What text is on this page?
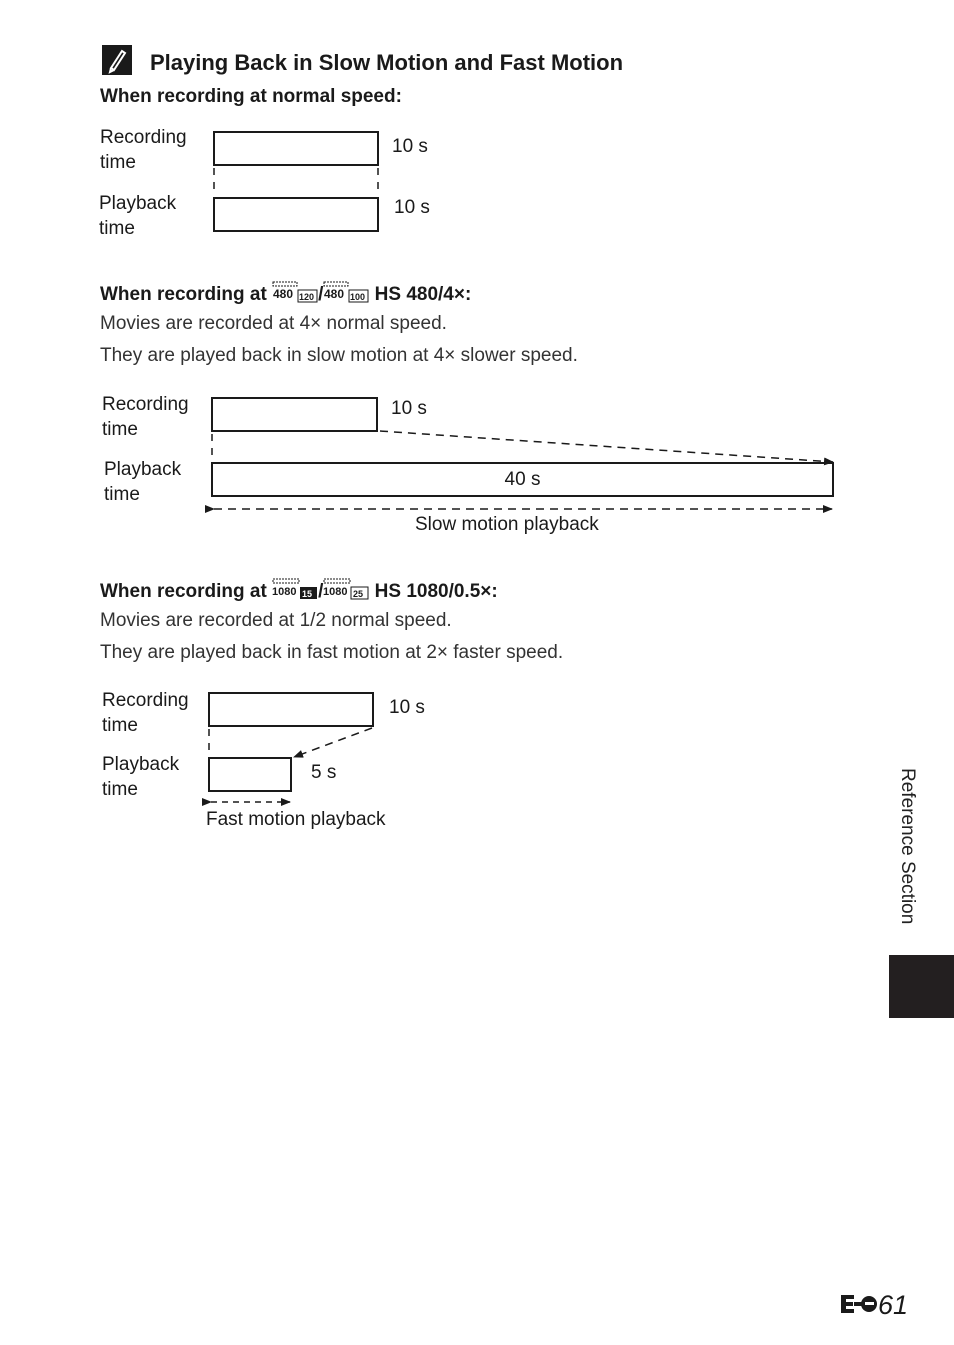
Playing Back in Slow Motion and Fast Motion
When recording at normal speed:
Recording
time
Playback
time
10 s
10 s
When recording at 480 120 / 480 100 HS 480/4×:
Movies are recorded at 4× normal speed.
They are played back in slow motion at 4× slower speed.
Recording
time
Playback
time
40 s
10 s
Slow motion playback
When recording at 1080 15 / 1080 25 HS 1080/0.5×:
Movies are recorded at 1/2 normal speed.
They are played back in fast motion at 2× faster speed.
Recording
time
Playback
time
10 s
5 s
Fast motion playback	Reference Section
61
